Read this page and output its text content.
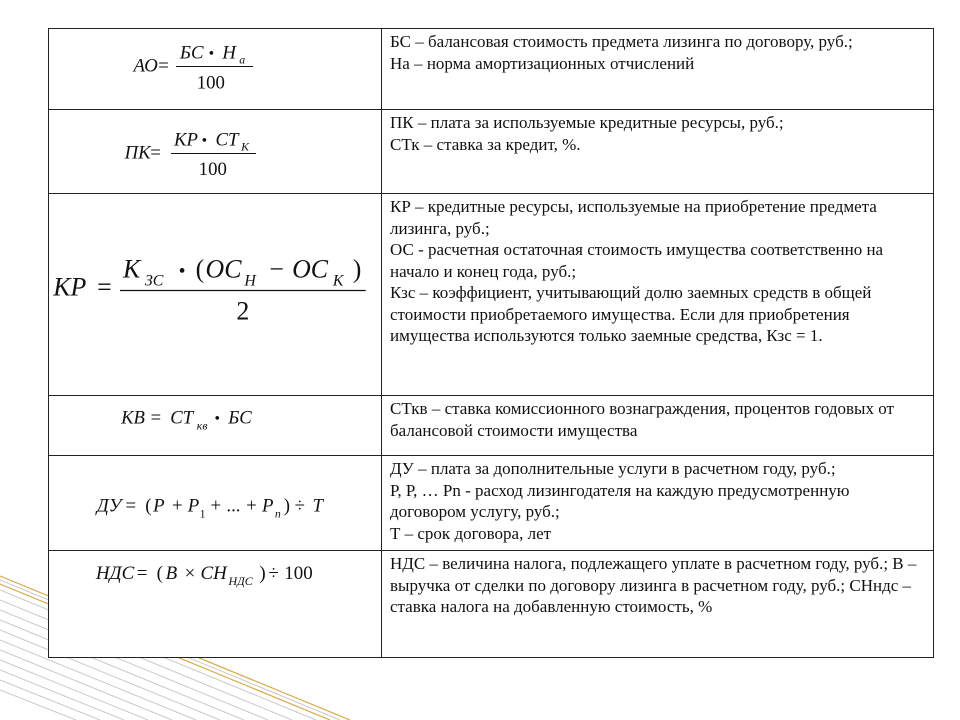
АО =
БС • Н а
100

БС – балансовая стоимость предмета лизинга по договору, руб.;

На – норма амортизационных отчислений

ПК =
КР • СТ К
100

ПК – плата за используемые кредитные ресурсы, руб.;

СТк – ставка за кредит, %.

КР =
К ЗС • ( ОС Н − ОС К )
2

КР – кредитные ресурсы, используемые на приобретение предмета лизинга, руб.;

ОС - расчетная остаточная стоимость имущества соответственно на начало и конец года, руб.;

Кзс – коэффициент, учитывающий долю заемных средств в общей стоимости приобретаемого имущества. Если для приобретения имущества используются только заемные средства, Кзс = 1.

КВ = СТ кв • БС	СТкв – ставка комиссионного вознаграждения, процентов годовых от балансовой стоимости имущества

ДУ = ( Р + Р 1 + ... + Р n ) ÷ Т

ДУ – плата за дополнительные услуги в расчетном году, руб.;

Р, Р, … Рn - расход лизингодателя на каждую предусмотренную договором услугу, руб.;

Т – срок договора, лет

НДС = ( В × СН НДС ) ÷ 100	НДС – величина налога, подлежащего уплате в расчетном году, руб.; В – выручка от сделки по договору лизинга в расчетном году, руб.; СНндс – ставка налога на добавленную стоимость, %
